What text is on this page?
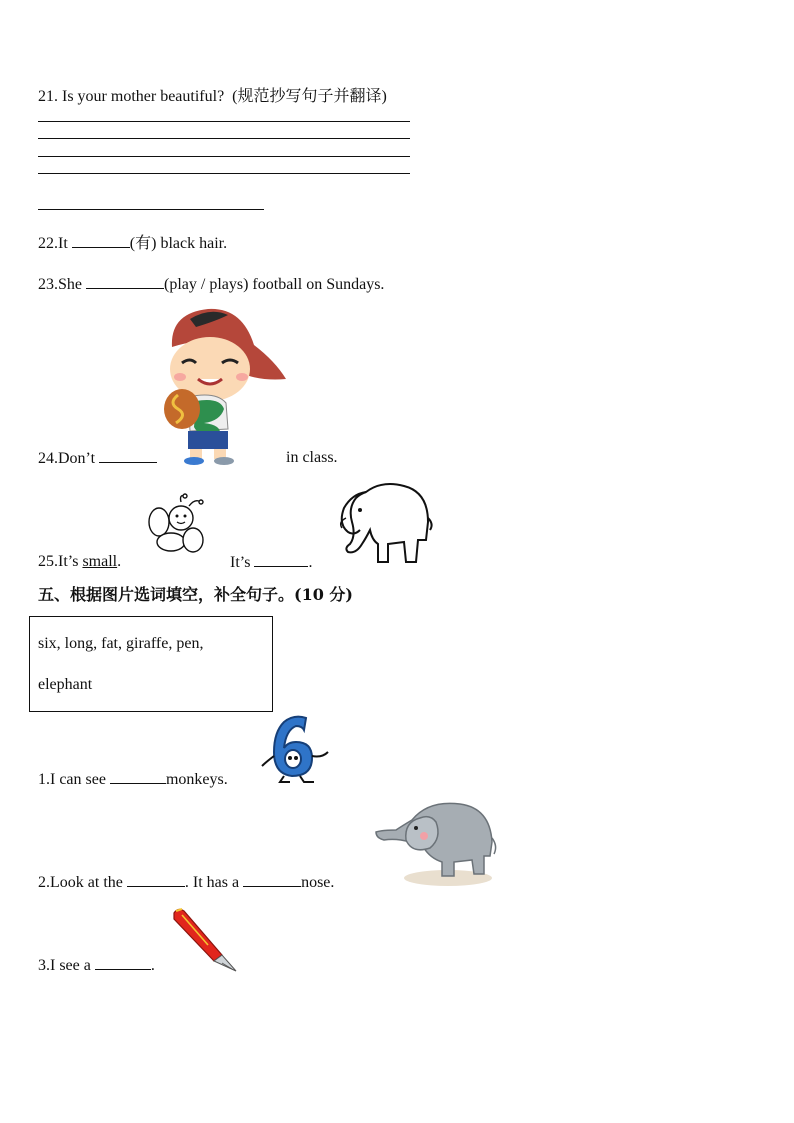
21. Is your mother beautiful? (规范抄写句子并翻译)
22.It	(有) black hair.
23.She	(play / plays) football on Sundays.
24.Don’t	in class.
25.It’s small.	It’s	.
五、根据图片选词填空，补全句子。(10 分)
six, long, fat, giraffe, pen,
elephant
1.I can see	monkeys.
2.Look at the	. It has a	nose.
3.I see a	.
